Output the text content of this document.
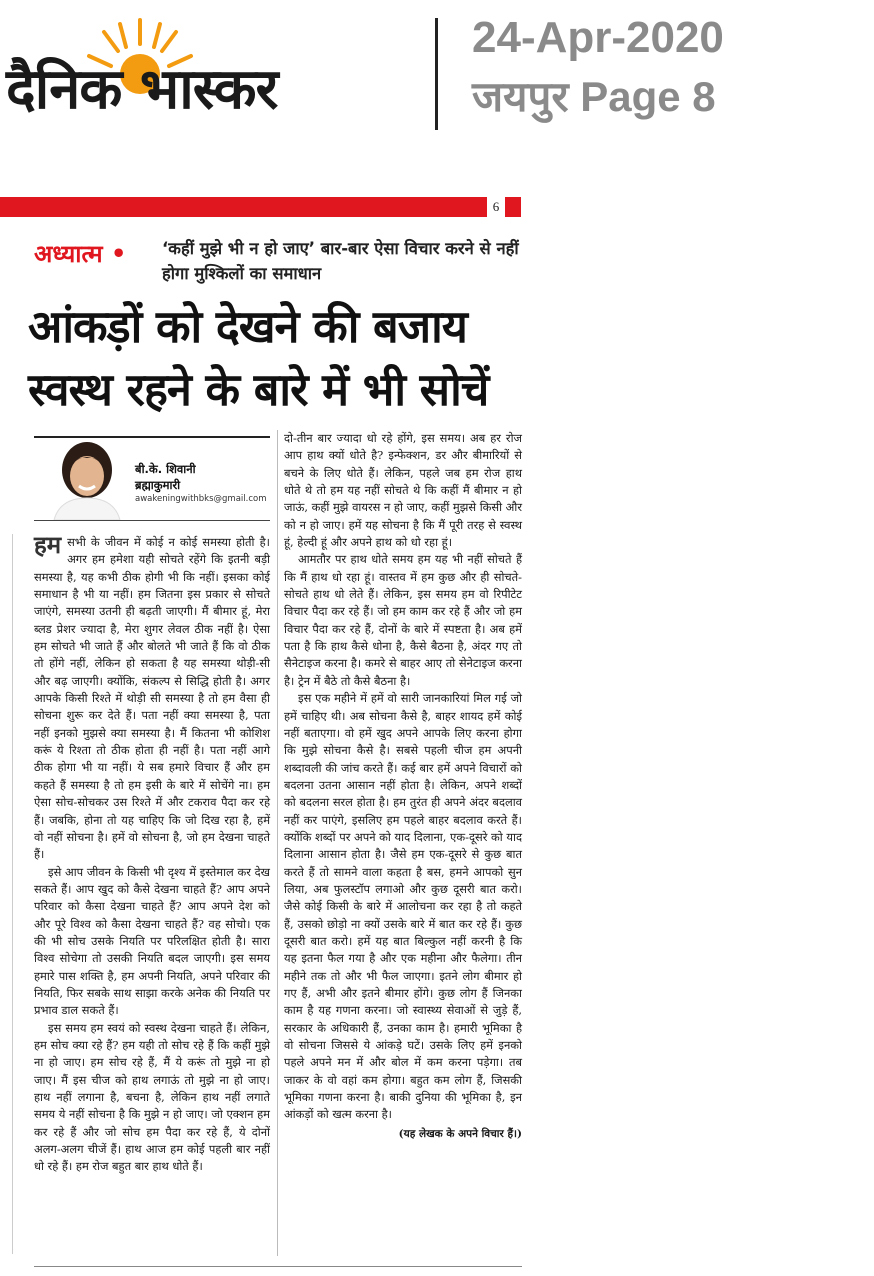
दैनिक भास्कर
24-Apr-2020
जयपुर Page 8
6
अध्यात्म • ‘कहीं मुझे भी न हो जाए’ बार-बार ऐसा विचार करने से नहीं होगा मुश्किलों का समाधान
आंकड़ों को देखने की बजाय
स्वस्थ रहने के बारे में भी सोचें
बी.के. शिवानी
ब्रह्माकुमारी
awakeningwithbks@gmail.com

हम सभी के जीवन में कोई न कोई समस्या होती है। अगर हम हमेशा यही सोचते रहेंगे कि इतनी बड़ी समस्या है, यह कभी ठीक होगी भी कि नहीं। इसका कोई समाधान है भी या नहीं। हम जितना इस प्रकार से सोचते जाएंगे, समस्या उतनी ही बढ़ती जाएगी। मैं बीमार हूं, मेरा ब्लड प्रेशर ज्यादा है, मेरा शुगर लेवल ठीक नहीं है। ऐसा हम सोचते भी जाते हैं और बोलते भी जाते हैं कि वो ठीक तो होंगे नहीं, लेकिन हो सकता है यह समस्या थोड़ी-सी और बढ़ जाएगी। क्योंकि, संकल्प से सिद्धि होती है। अगर आपके किसी रिश्ते में थोड़ी सी समस्या है तो हम वैसा ही सोचना शुरू कर देते हैं। पता नहीं क्या समस्या है, पता नहीं इनको मुझसे क्या समस्या है। मैं कितना भी कोशिश करूं ये रिश्ता तो ठीक होता ही नहीं है। पता नहीं आगे ठीक होगा भी या नहीं। ये सब हमारे विचार हैं और हम कहते हैं समस्या है तो हम इसी के बारे में सोचेंगे ना। हम ऐसा सोच-सोचकर उस रिश्ते में और टकराव पैदा कर रहे हैं। जबकि, होना तो यह चाहिए कि जो दिख रहा है, हमें वो नहीं सोचना है। हमें वो सोचना है, जो हम देखना चाहते हैं।

इसे आप जीवन के किसी भी दृश्य में इस्तेमाल कर देख सकते हैं। आप खुद को कैसे देखना चाहते हैं? आप अपने परिवार को कैसा देखना चाहते हैं? आप अपने देश को और पूरे विश्व को कैसा देखना चाहते हैं? वह सोचो। एक की भी सोच उसके नियति पर परिलक्षित होती है। सारा विश्व सोचेगा तो उसकी नियति बदल जाएगी। इस समय हमारे पास शक्ति है, हम अपनी नियति, अपने परिवार की नियति, फिर सबके साथ साझा करके अनेक की नियति पर प्रभाव डाल सकते हैं।

इस समय हम स्वयं को स्वस्थ देखना चाहते हैं। लेकिन, हम सोच क्या रहे हैं? हम यही तो सोच रहे हैं कि कहीं मुझे ना हो जाए। हम सोच रहे हैं, मैं ये करूं तो मुझे ना हो जाए। मैं इस चीज को हाथ लगाऊं तो मुझे ना हो जाए। हाथ नहीं लगाना है, बचना है, लेकिन हाथ नहीं लगाते समय ये नहीं सोचना है कि मुझे न हो जाए। जो एक्शन हम कर रहे हैं और जो सोच हम पैदा कर रहे हैं, ये दोनों अलग-अलग चीजें हैं। हाथ आज हम कोई पहली बार नहीं धो रहे हैं। हम रोज बहुत बार हाथ धोते हैं।

दो-तीन बार ज्यादा धो रहे होंगे, इस समय। अब हर रोज आप हाथ क्यों धोते है? इन्फेक्शन, डर और बीमारियों से बचने के लिए धोते हैं। लेकिन, पहले जब हम रोज हाथ धोते थे तो हम यह नहीं सोचते थे कि कहीं मैं बीमार न हो जाऊं, कहीं मुझे वायरस न हो जाए, कहीं मुझसे किसी और को न हो जाए। हमें यह सोचना है कि मैं पूरी तरह से स्वस्थ हूं, हेल्दी हूं और अपने हाथ को धो रहा हूं।

आमतौर पर हाथ धोते समय हम यह भी नहीं सोचते हैं कि मैं हाथ धो रहा हूं। वास्तव में हम कुछ और ही सोचते-सोचते हाथ धो लेते हैं। लेकिन, इस समय हम वो रिपीटेट विचार पैदा कर रहे हैं। जो हम काम कर रहे हैं और जो हम विचार पैदा कर रहे हैं, दोनों के बारे में स्पष्टता है। अब हमें पता है कि हाथ कैसे धोना है, कैसे बैठना है, अंदर गए तो सैनेटाइज करना है। कमरे से बाहर आए तो सेनेटाइज करना है। ट्रेन में बैठे तो कैसे बैठना है।

इस एक महीने में हमें वो सारी जानकारियां मिल गई जो हमें चाहिए थी। अब सोचना कैसे है, बाहर शायद हमें कोई नहीं बताएगा। वो हमें खुद अपने आपके लिए करना होगा कि मुझे सोचना कैसे है। सबसे पहली चीज हम अपनी शब्दावली की जांच करते हैं। कई बार हमें अपने विचारों को बदलना उतना आसान नहीं होता है। लेकिन, अपने शब्दों को बदलना सरल होता है। हम तुरंत ही अपने अंदर बदलाव नहीं कर पाएंगे, इसलिए हम पहले बाहर बदलाव करते हैं। क्योंकि शब्दों पर अपने को याद दिलाना, एक-दूसरे को याद दिलाना आसान होता है। जैसे हम एक-दूसरे से कुछ बात करते हैं तो सामने वाला कहता है बस, हमने आपको सुन लिया, अब फुलस्टॉप लगाओ और कुछ दूसरी बात करो। जैसे कोई किसी के बारे में आलोचना कर रहा है तो कहते हैं, उसको छोड़ो ना क्यों उसके बारे में बात कर रहे हैं। कुछ दूसरी बात करो। हमें यह बात बिल्कुल नहीं करनी है कि यह इतना फैल गया है और एक महीना और फैलेगा। तीन महीने तक तो और भी फैल जाएगा। इतने लोग बीमार हो गए हैं, अभी और इतने बीमार होंगे। कुछ लोग हैं जिनका काम है यह गणना करना। जो स्वास्थ्य सेवाओं से जुड़े हैं, सरकार के अधिकारी हैं, उनका काम है। हमारी भूमिका है वो सोचना जिससे ये आंकड़े घटें। उसके लिए हमें इनको पहले अपने मन में और बोल में कम करना पड़ेगा। तब जाकर के वो वहां कम होगा। बहुत कम लोग हैं, जिसकी भूमिका गणना करना है। बाकी दुनिया की भूमिका है, इन आंकड़ों को खत्म करना है।

(यह लेखक के अपने विचार हैं।)
